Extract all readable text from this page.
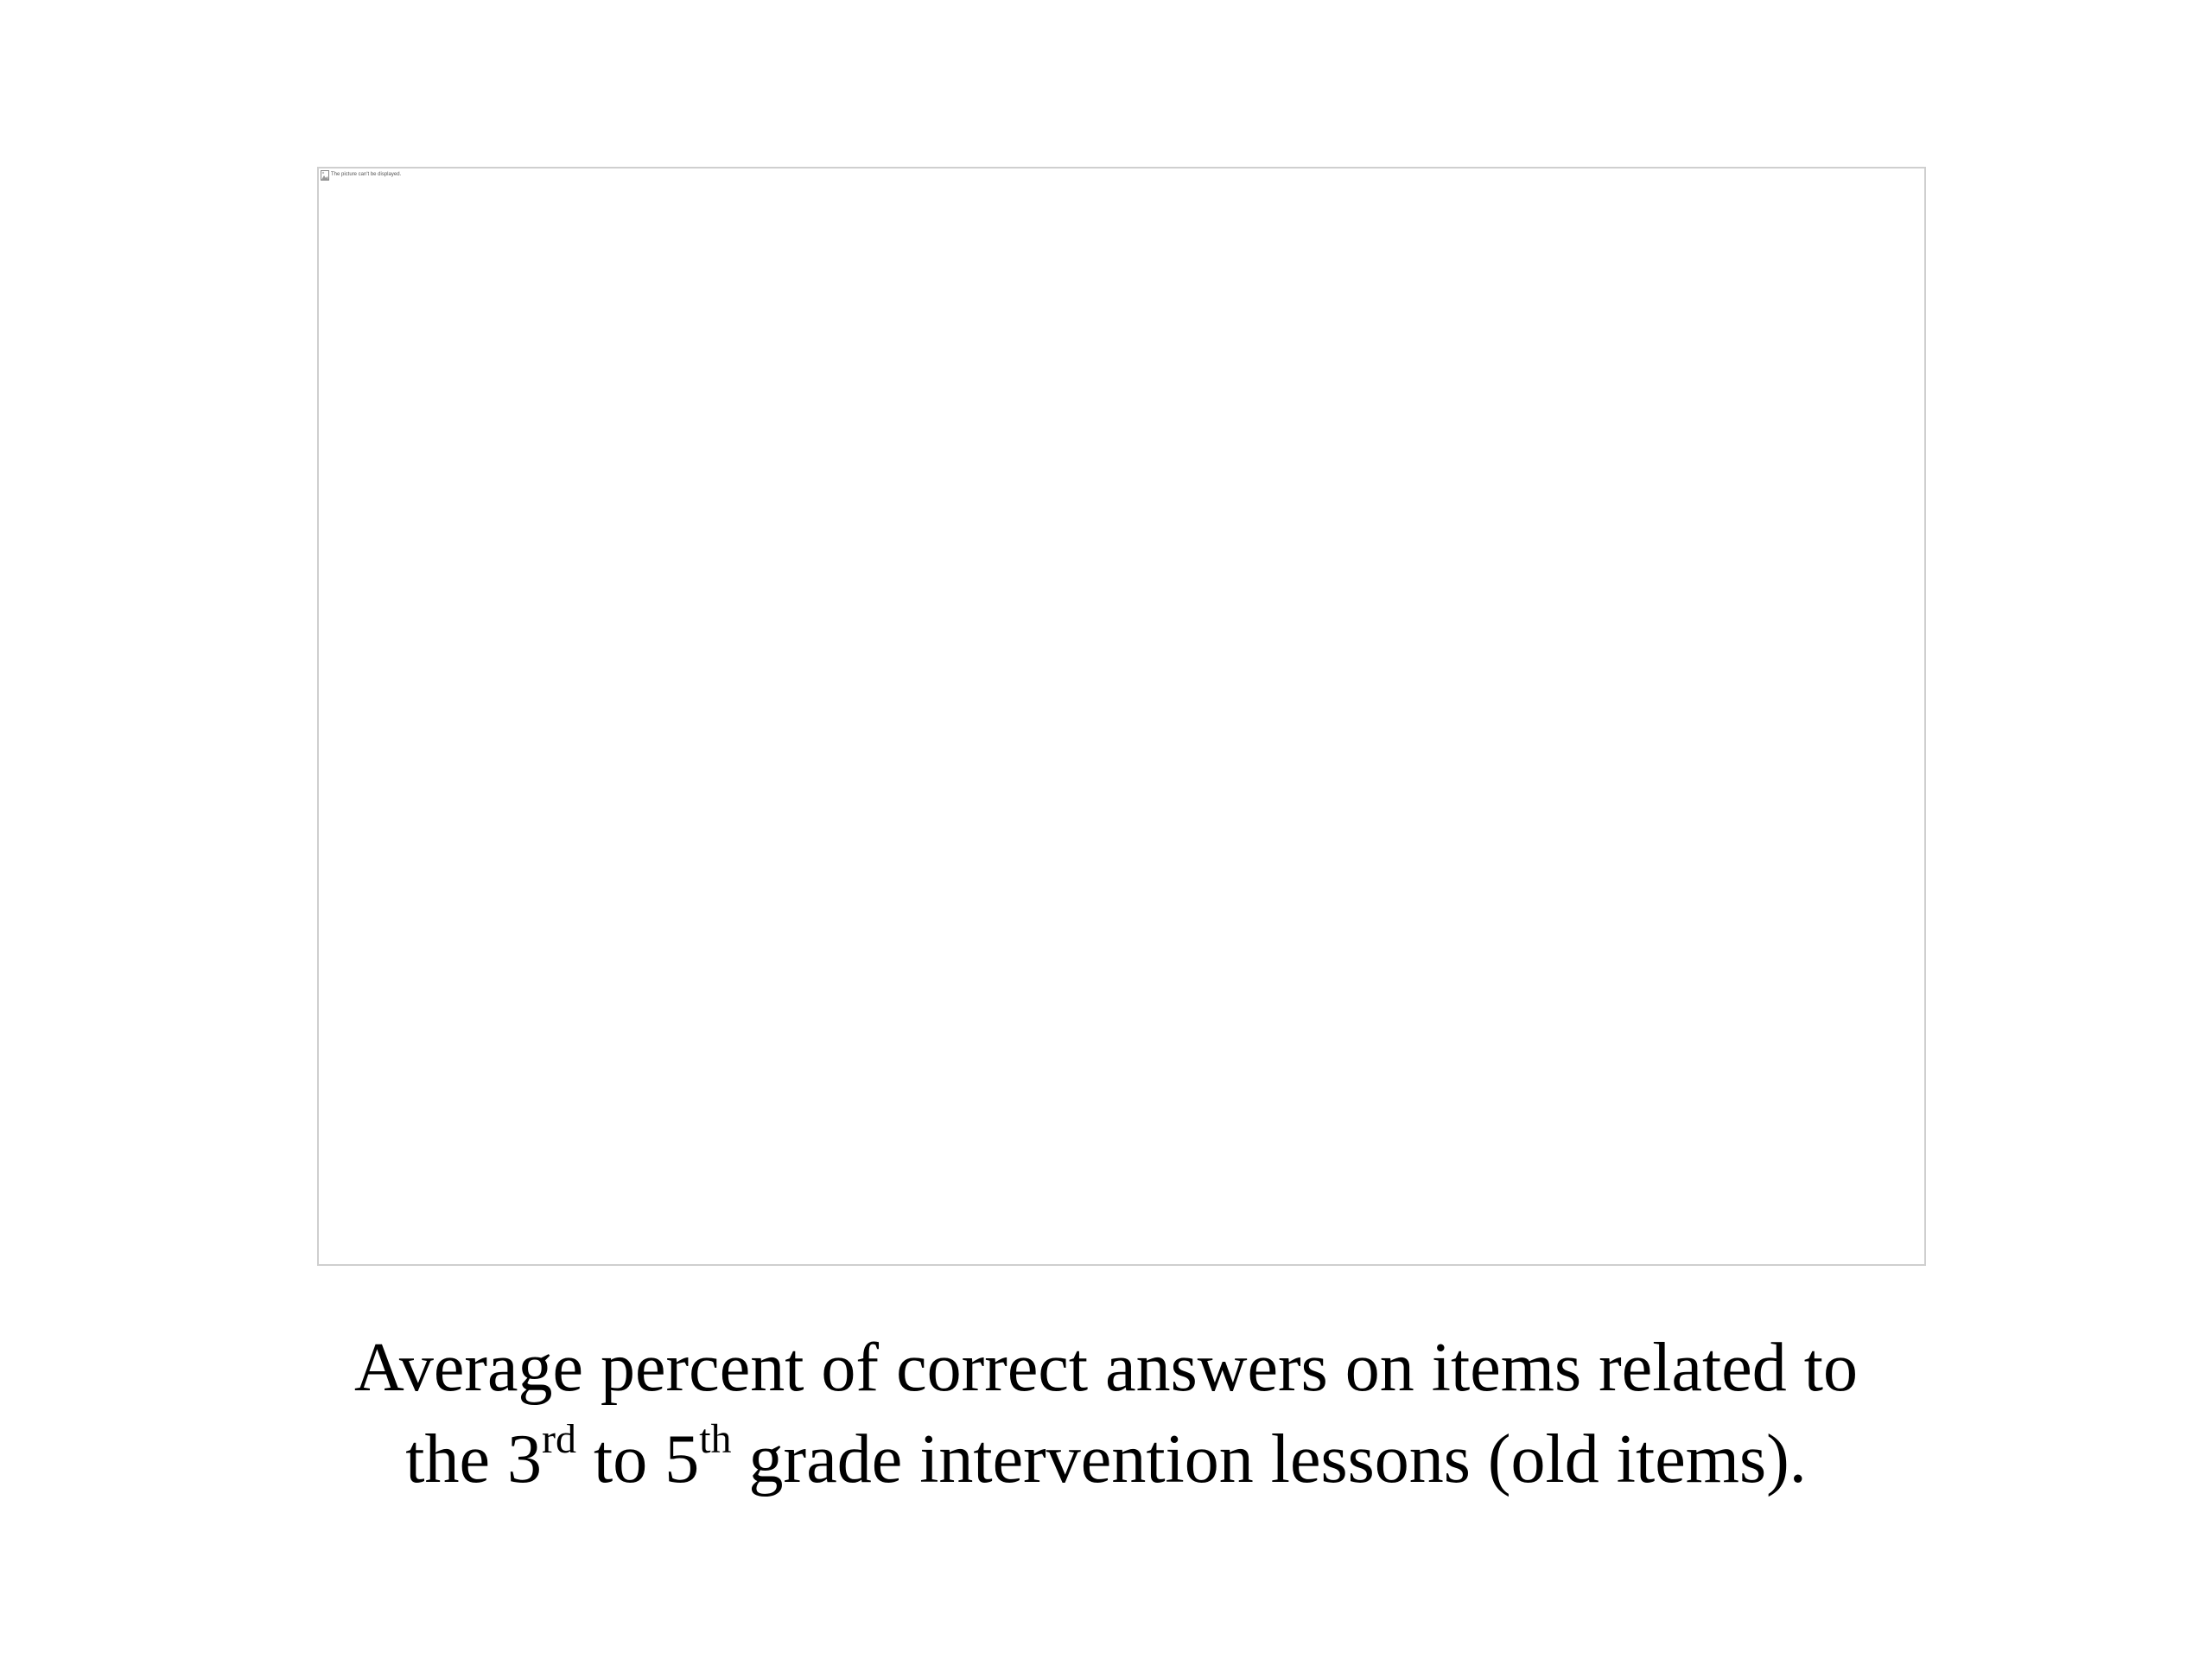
The picture can't be displayed.
Average percent of correct answers on items related to
the 3rd to 5th grade intervention lessons (old items).
